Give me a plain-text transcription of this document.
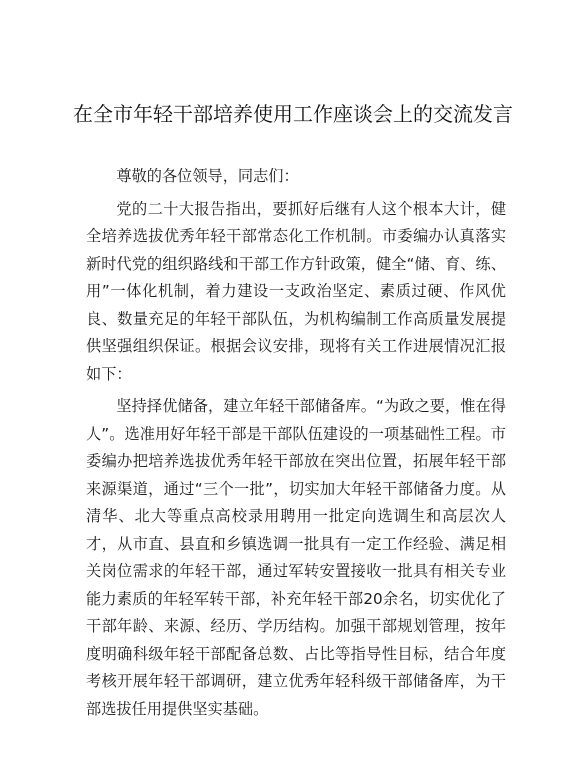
在全市年轻干部培养使用工作座谈会上的交流发言

尊敬的各位领导，同志们：

党的二十大报告指出，要抓好后继有人这个根本大计，健全培养选拔优秀年轻干部常态化工作机制。市委编办认真落实新时代党的组织路线和干部工作方针政策，健全“储、育、练、用”一体化机制，着力建设一支政治坚定、素质过硬、作风优良、数量充足的年轻干部队伍，为机构编制工作高质量发展提供坚强组织保证。根据会议安排，现将有关工作进展情况汇报如下：

坚持择优储备，建立年轻干部储备库。“为政之要，惟在得人”。选准用好年轻干部是干部队伍建设的一项基础性工程。市委编办把培养选拔优秀年轻干部放在突出位置，拓展年轻干部来源渠道，通过“三个一批”，切实加大年轻干部储备力度。从清华、北大等重点高校录用聘用一批定向选调生和高层次人才，从市直、县直和乡镇选调一批具有一定工作经验、满足相关岗位需求的年轻干部，通过军转安置接收一批具有相关专业能力素质的年轻军转干部，补充年轻干部20余名，切实优化了干部年龄、来源、经历、学历结构。加强干部规划管理，按年度明确科级年轻干部配备总数、占比等指导性目标，结合年度考核开展年轻干部调研，建立优秀年轻科级干部储备库，为干部选拔任用提供坚实基础。
